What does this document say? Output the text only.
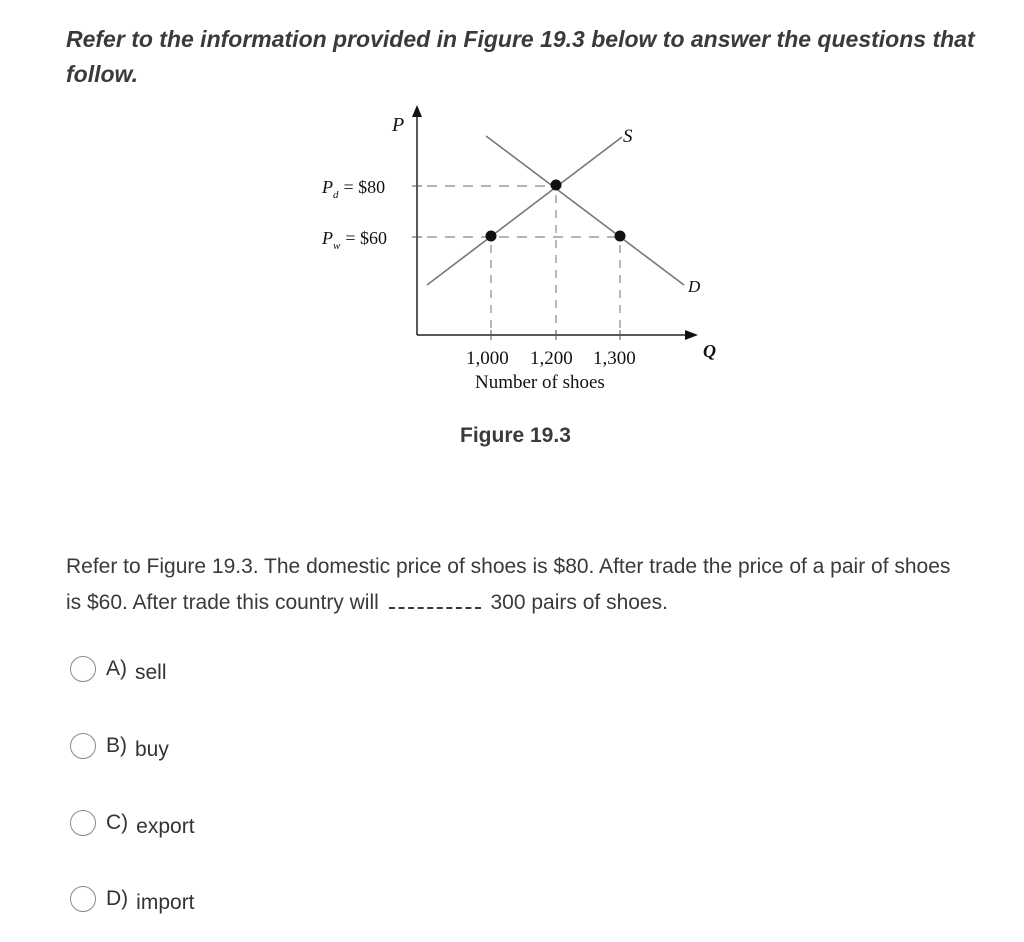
Refer to the information provided in Figure 19.3 below to answer the questions that follow.

P
Q
S
D
$P_d$ = $80
$P_w$ = $60
1,000 1,200 1,300
Number of shoes
Figure 19.3

Refer to Figure 19.3. The domestic price of shoes is $80. After trade the price of a pair of shoes is $60. After trade this country will	300 pairs of shoes.

A) sell
B) buy
C) export
D) import
